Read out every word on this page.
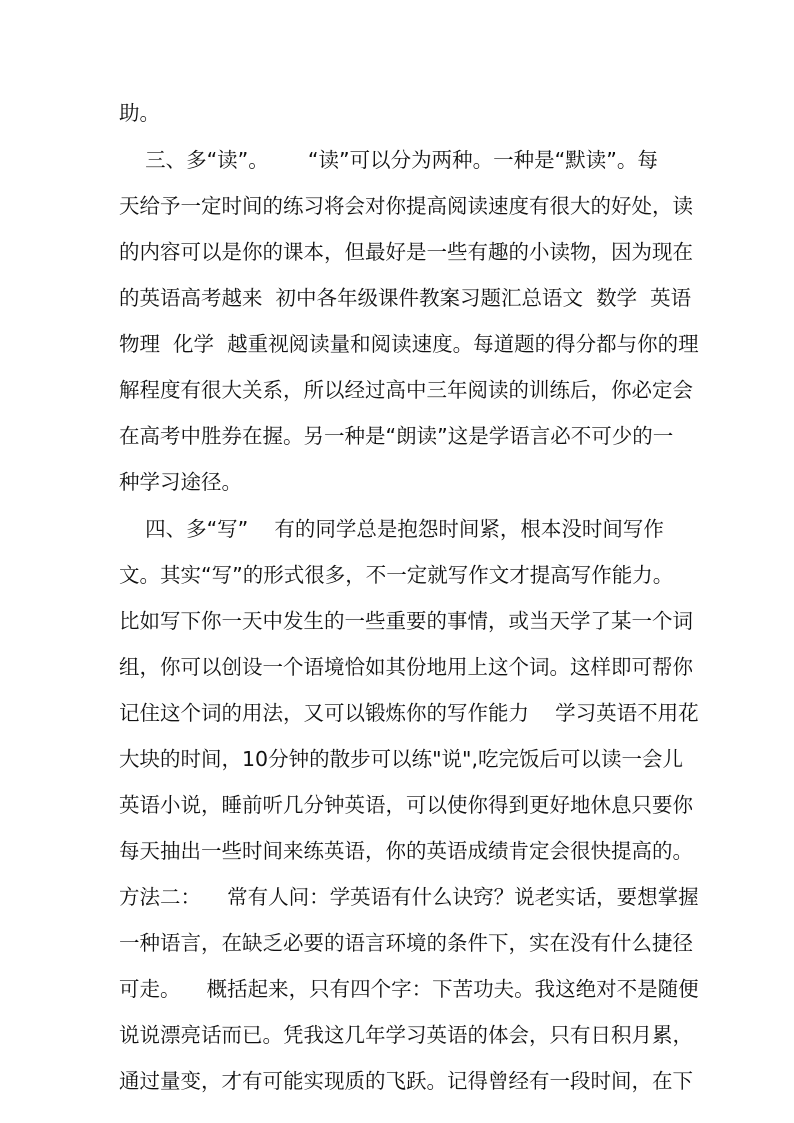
助。
三、多“读”。      “读”可以分为两种。一种是“默读”。每
天给予一定时间的练习将会对你提高阅读速度有很大的好处，读
的内容可以是你的课本，但最好是一些有趣的小读物，因为现在
的英语高考越来  初中各年级课件教案习题汇总语文  数学  英语
物理  化学  越重视阅读量和阅读速度。每道题的得分都与你的理
解程度有很大关系，所以经过高中三年阅读的训练后，你必定会
在高考中胜券在握。另一种是“朗读”这是学语言必不可少的一
种学习途径。
四、多“写”    有的同学总是抱怨时间紧，根本没时间写作
文。其实“写”的形式很多，不一定就写作文才提高写作能力。
比如写下你一天中发生的一些重要的事情，或当天学了某一个词
组，你可以创设一个语境恰如其份地用上这个词。这样即可帮你
记住这个词的用法，又可以锻炼你的写作能力    学习英语不用花
大块的时间，10分钟的散步可以练"说",吃完饭后可以读一会儿
英语小说，睡前听几分钟英语，可以使你得到更好地休息只要你
每天抽出一些时间来练英语，你的英语成绩肯定会很快提高的。
方法二：    常有人问：学英语有什么诀窍？说老实话，要想掌握
一种语言，在缺乏必要的语言环境的条件下，实在没有什么捷径
可走。    概括起来，只有四个字：下苦功夫。我这绝对不是随便
说说漂亮话而已。凭我这几年学习英语的体会，只有日积月累，
通过量变，才有可能实现质的飞跃。记得曾经有一段时间，在下
